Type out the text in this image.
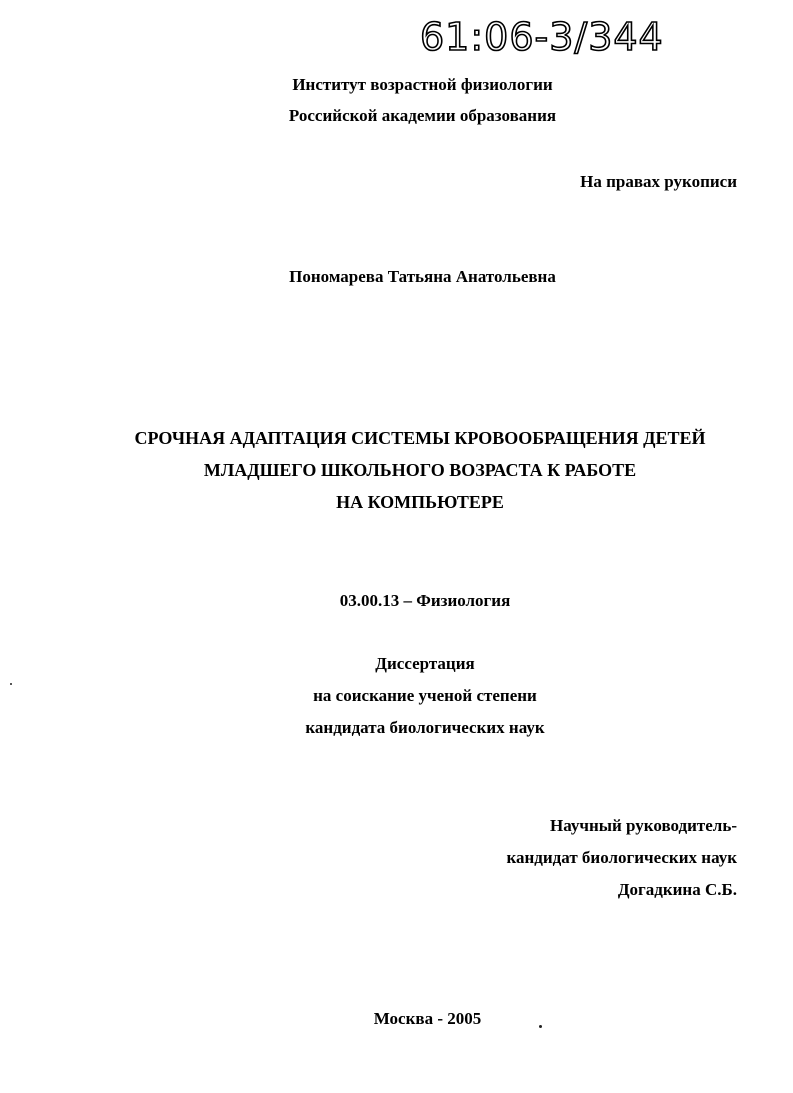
61:06-3/344
Институт возрастной физиологии
Российской академии образования
На правах рукописи
Пономарева Татьяна Анатольевна
СРОЧНАЯ АДАПТАЦИЯ СИСТЕМЫ КРОВООБРАЩЕНИЯ ДЕТЕЙ
МЛАДШЕГО ШКОЛЬНОГО ВОЗРАСТА К РАБОТЕ
НА КОМПЬЮТЕРЕ
03.00.13 – Физиология
Диссертация
на соискание ученой степени
кандидата биологических наук
Научный руководитель-
кандидат биологических наук
Догадкина С.Б.
Москва - 2005
